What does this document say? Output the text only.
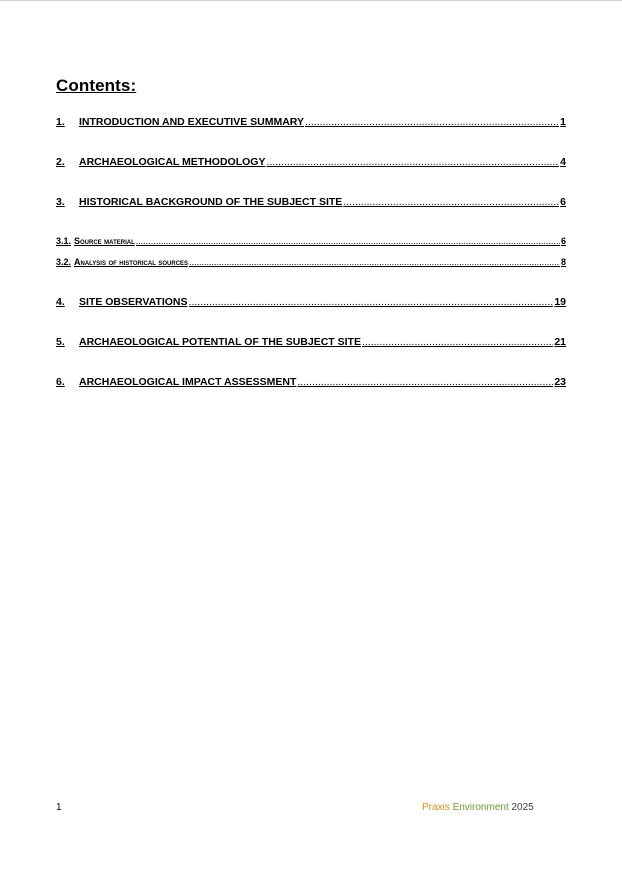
Contents:
1.	INTRODUCTION AND EXECUTIVE SUMMARY .....	1
2.	ARCHAEOLOGICAL METHODOLOGY .....	4
3.	HISTORICAL BACKGROUND OF THE SUBJECT SITE .....	6
3.1. Source material .....	6
3.2. Analysis of historical sources .....	8
4.	SITE OBSERVATIONS .....	19
5.	ARCHAEOLOGICAL POTENTIAL OF THE SUBJECT SITE .....	21
6.	ARCHAEOLOGICAL IMPACT ASSESSMENT .....	23
1	Praxis Environment 2025
